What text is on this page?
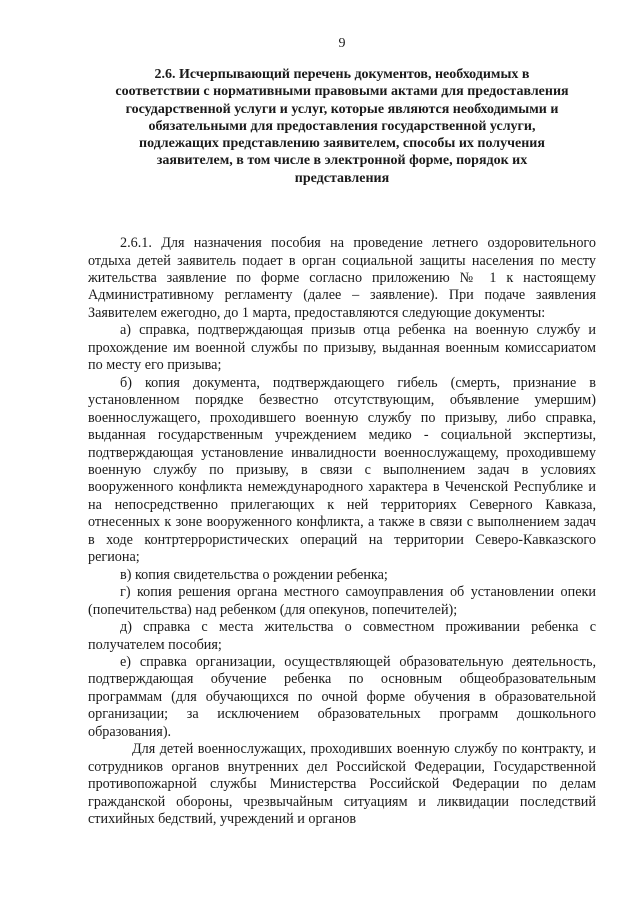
9
2.6. Исчерпывающий перечень документов, необходимых в
соответствии с нормативными правовыми актами для предоставления
государственной услуги и услуг, которые являются необходимыми и
обязательными для предоставления государственной услуги,
подлежащих представлению заявителем, способы их получения
заявителем, в том числе в электронной форме, порядок их
представления

2.6.1. Для назначения пособия на проведение летнего оздоровительного отдыха детей заявитель подает в орган социальной защиты населения по месту жительства заявление по форме согласно приложению № 1 к настоящему Административному регламенту (далее – заявление). При подаче заявления Заявителем ежегодно, до 1 марта, предоставляются следующие документы:

а) справка, подтверждающая призыв отца ребенка на военную службу и прохождение им военной службы по призыву, выданная военным комиссариатом по месту его призыва;

б) копия документа, подтверждающего гибель (смерть, признание в установленном порядке безвестно отсутствующим, объявление умершим) военнослужащего, проходившего военную службу по призыву, либо справка, выданная государственным учреждением медико - социальной экспертизы, подтверждающая установление инвалидности военнослужащему, проходившему военную службу по призыву, в связи с выполнением задач в условиях вооруженного конфликта немеждународного характера в Чеченской Республике и на непосредственно прилегающих к ней территориях Северного Кавказа, отнесенных к зоне вооруженного конфликта, а также в связи с выполнением задач в ходе контртеррористических операций на территории Северо-Кавказского региона;

в) копия свидетельства о рождении ребенка;

г) копия решения органа местного самоуправления об установлении опеки (попечительства) над ребенком (для опекунов, попечителей);

д) справка с места жительства о совместном проживании ребенка с получателем пособия;

е) справка организации, осуществляющей образовательную деятельность, подтверждающая обучение ребенка по основным общеобразовательным программам (для обучающихся по очной форме обучения в образовательной организации; за исключением образовательных программ дошкольного образования).

Для детей военнослужащих, проходивших военную службу по контракту, и сотрудников органов внутренних дел Российской Федерации, Государственной противопожарной службы Министерства Российской Федерации по делам гражданской обороны, чрезвычайным ситуациям и ликвидации последствий стихийных бедствий, учреждений и органов
